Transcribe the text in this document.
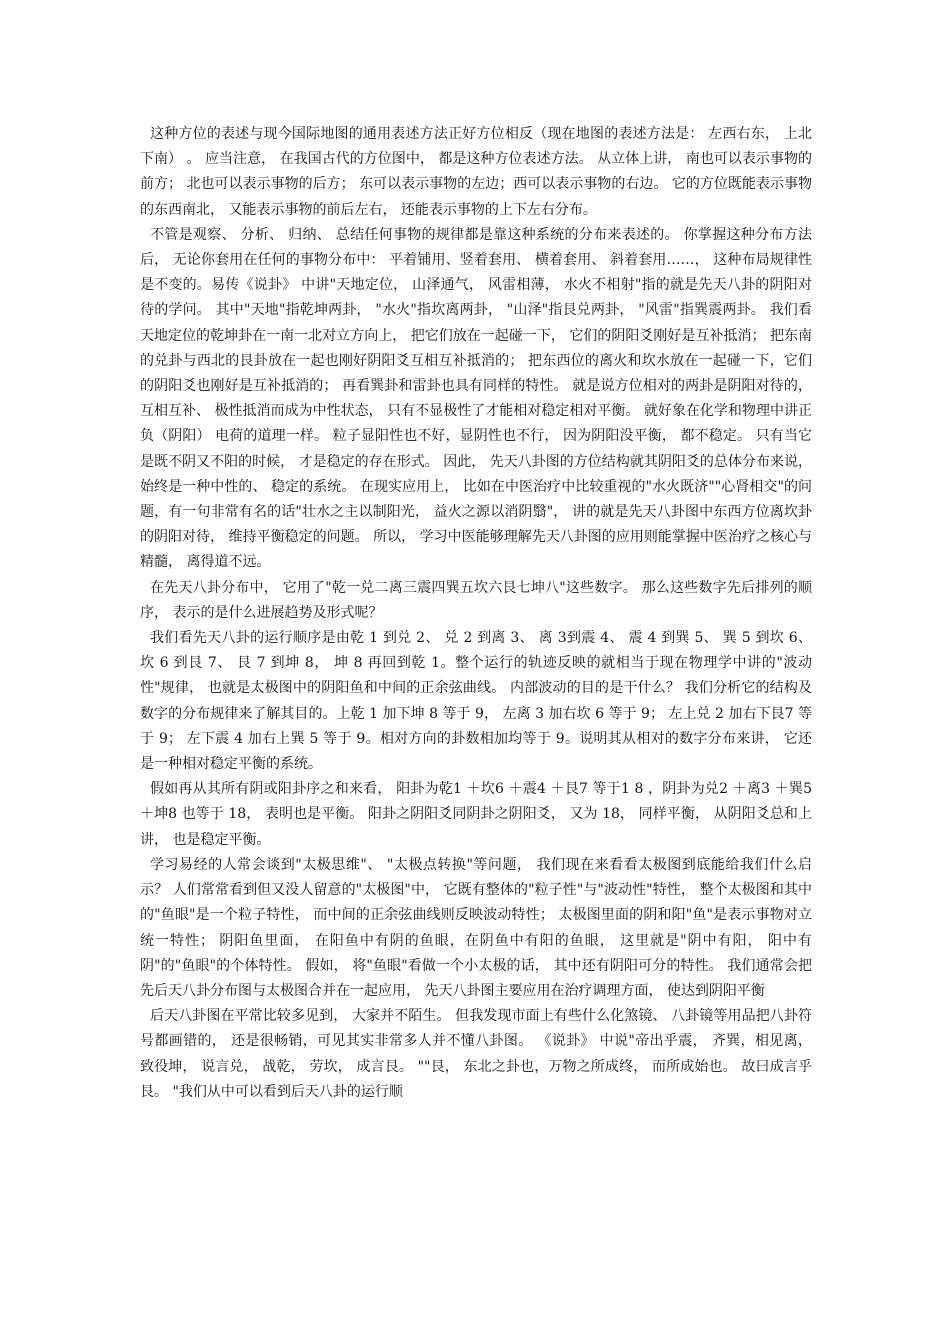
这种方位的表述与现今国际地图的通用表述方法正好方位相反（现在地图的表述方法是： 左西右东， 上北下南） 。 应当注意， 在我国古代的方位图中， 都是这种方位表述方法。 从立体上讲， 南也可以表示事物的前方； 北也可以表示事物的后方； 东可以表示事物的左边；西可以表示事物的右边。 它的方位既能表示事物的东西南北， 又能表示事物的前后左右， 还能表示事物的上下左右分布。

不管是观察、 分析、 归纳、 总结任何事物的规律都是靠这种系统的分布来表述的。 你掌握这种分布方法后， 无论你套用在任何的事物分布中： 平着铺用、竖着套用、 横着套用、 斜着套用……， 这种布局规律性是不变的。易传《说卦》 中讲"天地定位， 山泽通气， 风雷相薄， 水火不相射"指的就是先天八卦的阴阳对待的学问。 其中"天地"指乾坤两卦， "水火"指坎离两卦， "山泽"指艮兑两卦， "风雷"指巽震两卦。 我们看天地定位的乾坤卦在一南一北对立方向上， 把它们放在一起碰一下， 它们的阴阳爻刚好是互补抵消； 把东南的兑卦与西北的艮卦放在一起也刚好阴阳爻互相互补抵消的； 把东西位的离火和坎水放在一起碰一下，它们的阴阳爻也刚好是互补抵消的； 再看巽卦和雷卦也具有同样的特性。 就是说方位相对的两卦是阴阳对待的， 互相互补、 极性抵消而成为中性状态， 只有不显极性了才能相对稳定相对平衡。 就好象在化学和物理中讲正负（阴阳） 电荷的道理一样。 粒子显阳性也不好，显阴性也不行， 因为阴阳没平衡， 都不稳定。 只有当它是既不阴又不阳的时候， 才是稳定的存在形式。 因此， 先天八卦图的方位结构就其阴阳爻的总体分布来说， 始终是一种中性的、 稳定的系统。 在现实应用上， 比如在中医治疗中比较重视的"水火既济""心肾相交"的问题，有一句非常有名的话"壮水之主以制阳光， 益火之源以消阴翳"， 讲的就是先天八卦图中东西方位离坎卦的阴阳对待， 维持平衡稳定的问题。 所以， 学习中医能够理解先天八卦图的应用则能掌握中医治疗之核心与精髓， 离得道不远。

在先天八卦分布中， 它用了"乾一兑二离三震四巽五坎六艮七坤八"这些数字。 那么这些数字先后排列的顺序， 表示的是什么进展趋势及形式呢？

我们看先天八卦的运行顺序是由乾 1 到兑 2、 兑 2 到离 3、 离 3到震 4、 震 4 到巽 5、 巽 5 到坎 6、 坎 6 到艮 7、 艮 7 到坤 8， 坤 8 再回到乾 1。整个运行的轨迹反映的就相当于现在物理学中讲的"波动性"规律， 也就是太极图中的阴阳鱼和中间的正余弦曲线。 内部波动的目的是干什么？ 我们分析它的结构及数字的分布规律来了解其目的。上乾 1 加下坤 8 等于 9， 左离 3 加右坎 6 等于 9； 左上兑 2 加右下艮7 等于 9； 左下震 4 加右上巽 5 等于 9。相对方向的卦数相加均等于 9。说明其从相对的数字分布来讲， 它还是一种相对稳定平衡的系统。

假如再从其所有阴或阳卦序之和来看， 阳卦为乾1 ＋坎6 ＋震4 ＋艮7 等于1 8 ，阴卦为兑2 ＋离3 ＋巽5 ＋坤8 也等于 18， 表明也是平衡。 阳卦之阴阳爻同阴卦之阴阳爻， 又为 18， 同样平衡， 从阴阳爻总和上讲， 也是稳定平衡。

学习易经的人常会谈到"太极思维"、 "太极点转换"等问题， 我们现在来看看太极图到底能给我们什么启示？ 人们常常看到但又没人留意的"太极图"中， 它既有整体的"粒子性"与"波动性"特性， 整个太极图和其中的"鱼眼"是一个粒子特性， 而中间的正余弦曲线则反映波动特性； 太极图里面的阴和阳"鱼"是表示事物对立统一特性； 阴阳鱼里面， 在阳鱼中有阴的鱼眼，在阴鱼中有阳的鱼眼， 这里就是"阴中有阳， 阳中有阴"的"鱼眼"的个体特性。 假如， 将"鱼眼"看做一个小太极的话， 其中还有阴阳可分的特性。 我们通常会把先后天八卦分布图与太极图合并在一起应用， 先天八卦图主要应用在治疗调理方面， 使达到阴阳平衡

后天八卦图在平常比较多见到， 大家并不陌生。 但我发现市面上有些什么化煞镜、 八卦镜等用品把八卦符号都画错的， 还是很畅销，可见其实非常多人并不懂八卦图。 《说卦》 中说"帝出乎震， 齐巽，相见离， 致役坤， 说言兑， 战乾， 劳坎， 成言艮。 ""艮， 东北之卦也，万物之所成终， 而所成始也。 故曰成言乎艮。 "我们从中可以看到后天八卦的运行顺
